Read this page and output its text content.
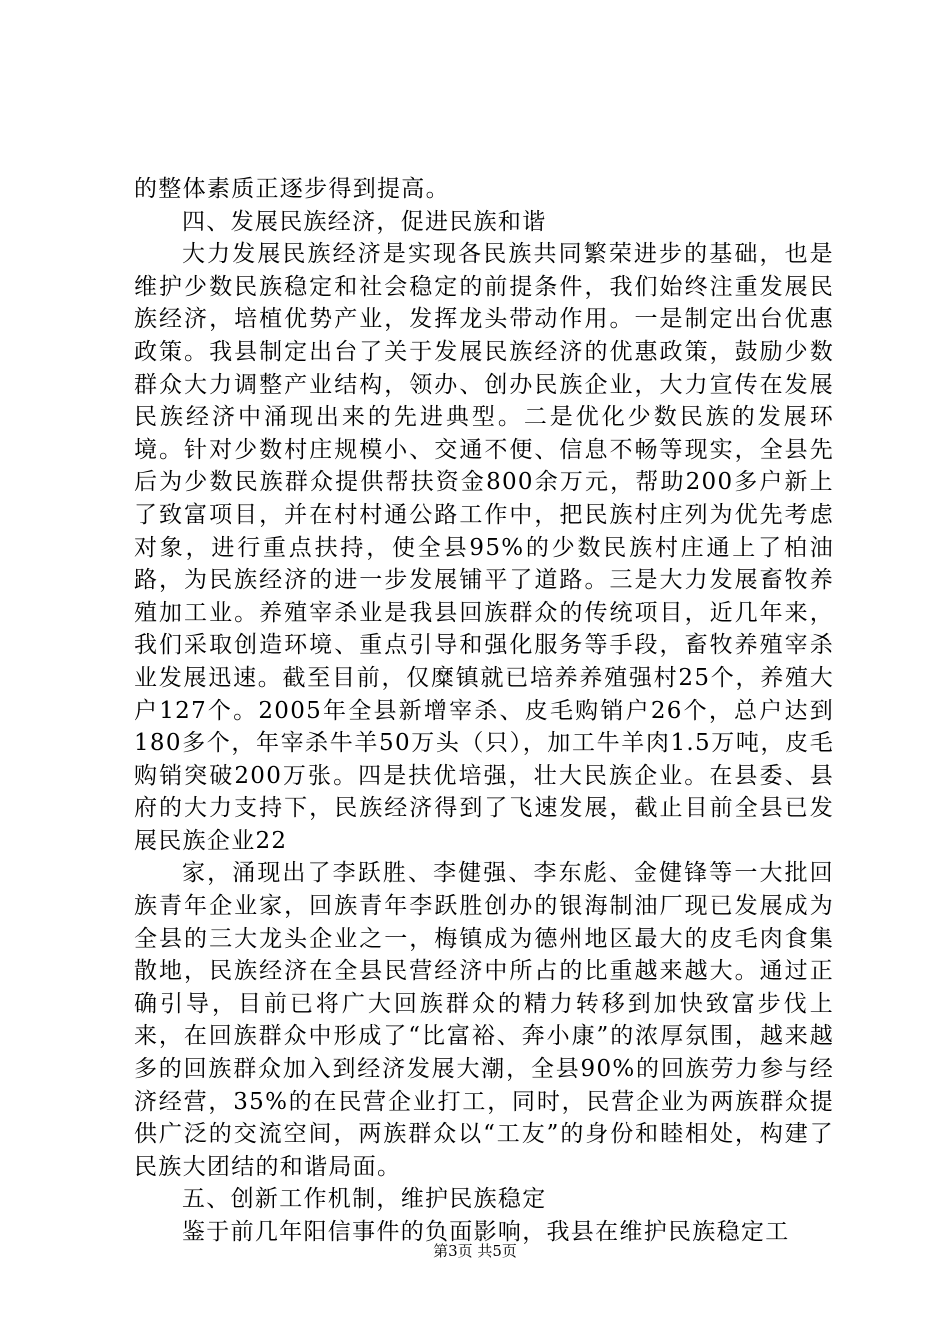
的整体素质正逐步得到提高。

四、发展民族经济，促进民族和谐

大力发展民族经济是实现各民族共同繁荣进步的基础，也是维护少数民族稳定和社会稳定的前提条件，我们始终注重发展民族经济，培植优势产业，发挥龙头带动作用。一是制定出台优惠政策。我县制定出台了关于发展民族经济的优惠政策，鼓励少数群众大力调整产业结构，领办、创办民族企业，大力宣传在发展民族经济中涌现出来的先进典型。二是优化少数民族的发展环境。针对少数村庄规模小、交通不便、信息不畅等现实，全县先后为少数民族群众提供帮扶资金800余万元，帮助200多户新上了致富项目，并在村村通公路工作中，把民族村庄列为优先考虑对象，进行重点扶持，使全县95%的少数民族村庄通上了柏油路，为民族经济的进一步发展铺平了道路。三是大力发展畜牧养殖加工业。养殖宰杀业是我县回族群众的传统项目，近几年来，我们采取创造环境、重点引导和强化服务等手段，畜牧养殖宰杀业发展迅速。截至目前，仅糜镇就已培养养殖强村25个，养殖大户127个。2005年全县新增宰杀、皮毛购销户26个，总户达到180多个，年宰杀牛羊50万头（只），加工牛羊肉1.5万吨，皮毛购销突破200万张。四是扶优培强，壮大民族企业。在县委、县府的大力支持下，民族经济得到了飞速发展，截止目前全县已发展民族企业22

家，涌现出了李跃胜、李健强、李东彪、金健锋等一大批回族青年企业家，回族青年李跃胜创办的银海制油厂现已发展成为全县的三大龙头企业之一，梅镇成为德州地区最大的皮毛肉食集散地，民族经济在全县民营经济中所占的比重越来越大。通过正确引导，目前已将广大回族群众的精力转移到加快致富步伐上来，在回族群众中形成了“比富裕、奔小康”的浓厚氛围，越来越多的回族群众加入到经济发展大潮，全县90%的回族劳力参与经济经营，35%的在民营企业打工，同时，民营企业为两族群众提供广泛的交流空间，两族群众以“工友”的身份和睦相处，构建了民族大团结的和谐局面。

五、创新工作机制，维护民族稳定

鉴于前几年阳信事件的负面影响，我县在维护民族稳定工

第3页 共5页
